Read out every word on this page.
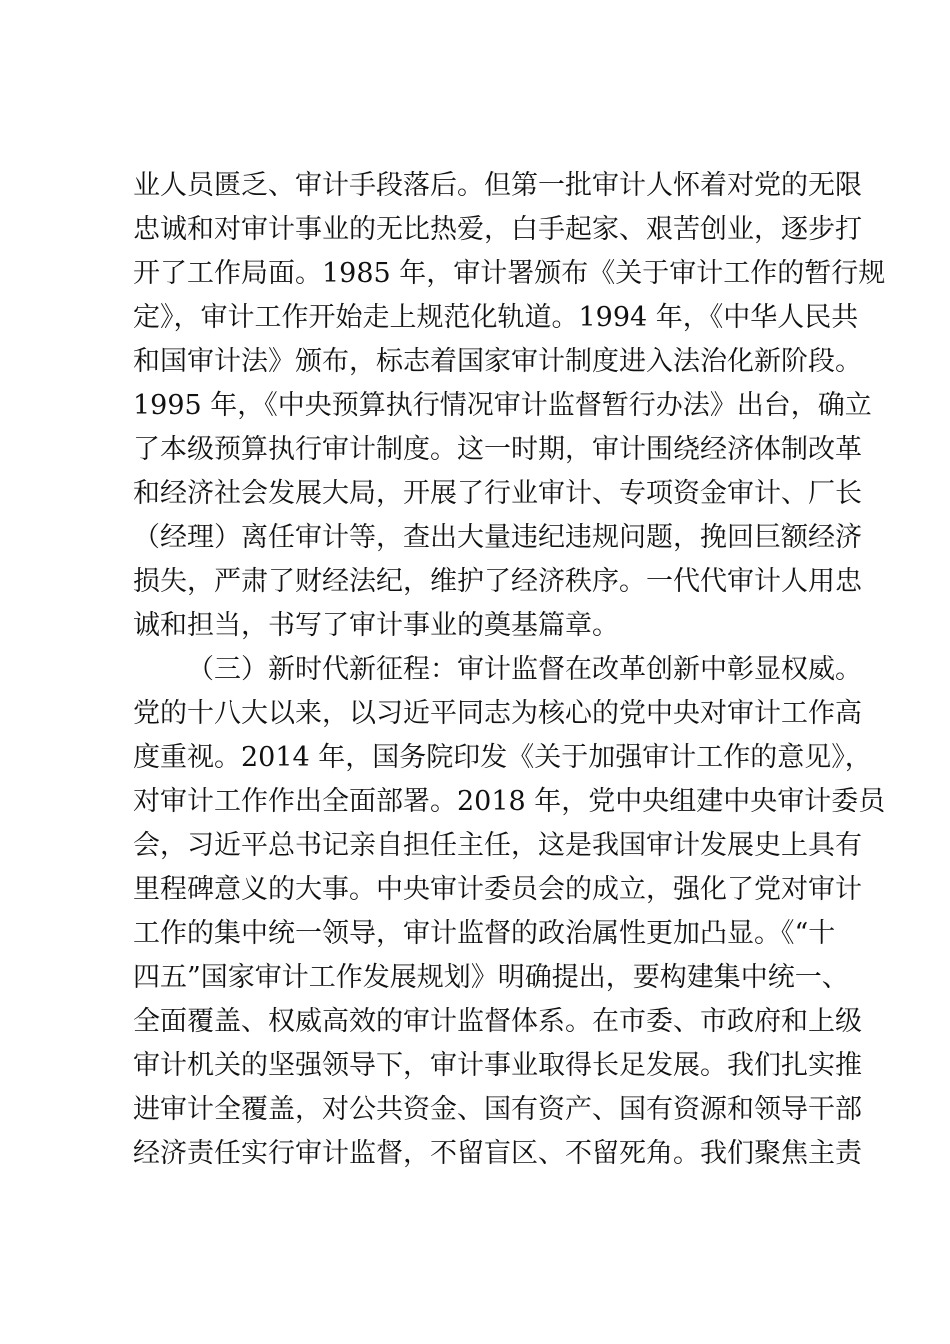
业人员匮乏、审计手段落后。但第一批审计人怀着对党的无限
忠诚和对审计事业的无比热爱，白手起家、艰苦创业，逐步打
开了工作局面。1985 年，审计署颁布《关于审计工作的暂行规
定》，审计工作开始走上规范化轨道。1994 年，《中华人民共
和国审计法》颁布，标志着国家审计制度进入法治化新阶段。
1995 年，《中央预算执行情况审计监督暂行办法》出台，确立
了本级预算执行审计制度。这一时期，审计围绕经济体制改革
和经济社会发展大局，开展了行业审计、专项资金审计、厂长
（经理）离任审计等，查出大量违纪违规问题，挽回巨额经济
损失，严肃了财经法纪，维护了经济秩序。一代代审计人用忠
诚和担当，书写了审计事业的奠基篇章。
（三）新时代新征程：审计监督在改革创新中彰显权威。
党的十八大以来，以习近平同志为核心的党中央对审计工作高
度重视。2014 年，国务院印发《关于加强审计工作的意见》，
对审计工作作出全面部署。2018 年，党中央组建中央审计委员
会，习近平总书记亲自担任主任，这是我国审计发展史上具有
里程碑意义的大事。中央审计委员会的成立，强化了党对审计
工作的集中统一领导，审计监督的政治属性更加凸显。《“十
四五”国家审计工作发展规划》明确提出，要构建集中统一、
全面覆盖、权威高效的审计监督体系。在市委、市政府和上级
审计机关的坚强领导下，审计事业取得长足发展。我们扎实推
进审计全覆盖，对公共资金、国有资产、国有资源和领导干部
经济责任实行审计监督，不留盲区、不留死角。我们聚焦主责
